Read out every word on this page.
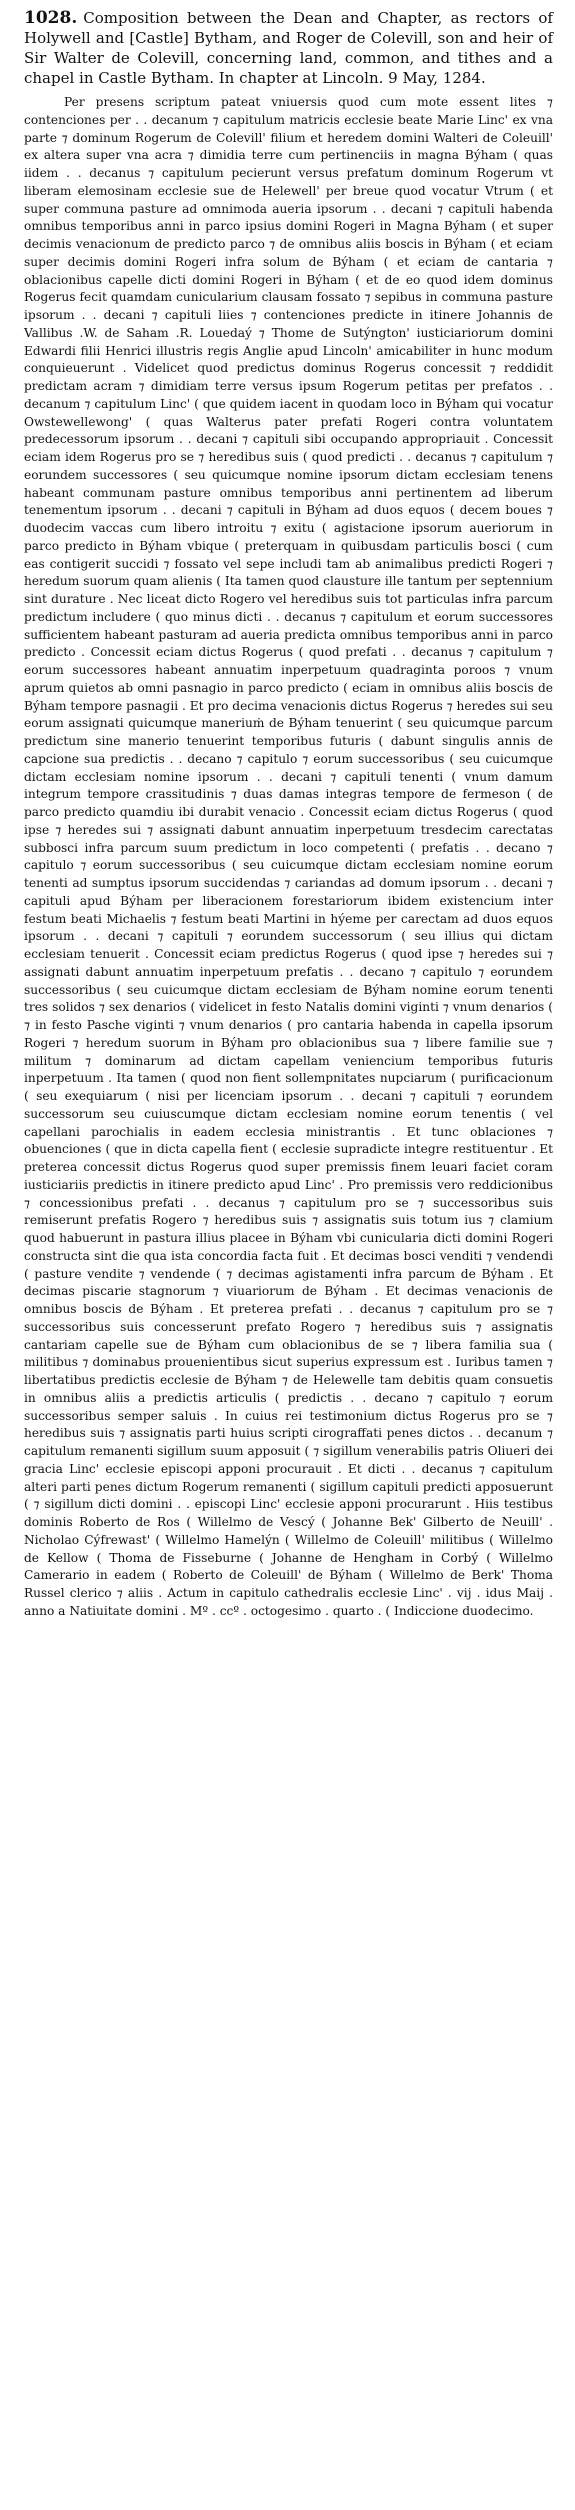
1028. Composition between the Dean and Chapter, as rectors of Holywell and [Castle] Bytham, and Roger de Colevill, son and heir of Sir Walter de Colevill, concerning land, common, and tithes and a chapel in Castle Bytham. In chapter at Lincoln. 9 May, 1284.

Per presens scriptum pateat vniuersis quod cum mote essent lites ⁊ contenciones per . . decanum ⁊ capitulum matricis ecclesie beate Marie Linc' ex vna parte ⁊ dominum Rogerum de Colevill' filium et heredem domini Walteri de Coleuill' ex altera super vna acra ⁊ dimidia terre cum pertinenciis in magna Býham ( quas iidem . . decanus ⁊ capitulum pecierunt versus prefatum dominum Rogerum vt liberam elemosinam ecclesie sue de Helewell' per breue quod vocatur Vtrum ( et super communa pasture ad omnimoda aueria ipsorum . . decani ⁊ capituli habenda omnibus temporibus anni in parco ipsius domini Rogeri in Magna Býham ( et super decimis venacionum de predicto parco ⁊ de omnibus aliis boscis in Býham ( et eciam super decimis domini Rogeri infra solum de Býham ( et eciam de cantaria ⁊ oblacionibus capelle dicti domini Rogeri in Býham ( et de eo quod idem dominus Rogerus fecit quamdam cunicularium clausam fossato ⁊ sepibus in communa pasture ipsorum . . decani ⁊ capituli liies ⁊ contenciones predicte in itinere Johannis de Vallibus .W. de Saham .R. Louedaý ⁊ Thome de Sutýngton' iusticiariorum domini Edwardi filii Henrici illustris regis Anglie apud Lincoln' amicabiliter in hunc modum conquieuerunt . Videlicet quod predictus dominus Rogerus concessit ⁊ reddidit predictam acram ⁊ dimidiam terre versus ipsum Rogerum petitas per prefatos . . decanum ⁊ capitulum Linc' ( que quidem iacent in quodam loco in Býham qui vocatur Owstewellewong' ( quas Walterus pater prefati Rogeri contra voluntatem predecessorum ipsorum . . decani ⁊ capituli sibi occupando appropriauit . Concessit eciam idem Rogerus pro se ⁊ heredibus suis ( quod predicti . . decanus ⁊ capitulum ⁊ eorundem successores ( seu quicumque nomine ipsorum dictam ecclesiam tenens habeant communam pasture omnibus temporibus anni pertinentem ad liberum tenementum ipsorum . . decani ⁊ capituli in Býham ad duos equos ( decem boues ⁊ duodecim vaccas cum libero introitu ⁊ exitu ( agistacione ipsorum aueriorum in parco predicto in Býham vbique ( preterquam in quibusdam particulis bosci ( cum eas contigerit succidi ⁊ fossato vel sepe includi tam ab animalibus predicti Rogeri ⁊ heredum suorum quam alienis ( Ita tamen quod clausture ille tantum per septennium sint durature . Nec liceat dicto Rogero vel heredibus suis tot particulas infra parcum predictum includere ( quo minus dicti . . decanus ⁊ capitulum et eorum successores sufficientem habeant pasturam ad aueria predicta omnibus temporibus anni in parco predicto . Concessit eciam dictus Rogerus ( quod prefati . . decanus ⁊ capitulum ⁊ eorum successores habeant annuatim inperpetuum quadraginta poroos ⁊ vnum aprum quietos ab omni pasnagio in parco predicto ( eciam in omnibus aliis boscis de Býham tempore pasnagii . Et pro decima venacionis dictus Rogerus ⁊ heredes sui seu eorum assignati quicumque maneriuṁ de Býham tenuerint ( seu quicumque parcum predictum sine manerio tenuerint temporibus futuris ( dabunt singulis annis de capcione sua predictis . . decano ⁊ capitulo ⁊ eorum successoribus ( seu cuicumque dictam ecclesiam nomine ipsorum . . decani ⁊ capituli tenenti ( vnum damum integrum tempore crassitudinis ⁊ duas damas integras tempore de fermeson ( de parco predicto quamdiu ibi durabit venacio . Concessit eciam dictus Rogerus ( quod ipse ⁊ heredes sui ⁊ assignati dabunt annuatim inperpetuum tresdecim carectatas subbosci infra parcum suum predictum in loco competenti ( prefatis . . decano ⁊ capitulo ⁊ eorum successoribus ( seu cuicumque dictam ecclesiam nomine eorum tenenti ad sumptus ipsorum succidendas ⁊ cariandas ad domum ipsorum . . decani ⁊ capituli apud Býham per liberacionem forestariorum ibidem existencium inter festum beati Michaelis ⁊ festum beati Martini in hýeme per carectam ad duos equos ipsorum . . decani ⁊ capituli ⁊ eorundem successorum ( seu illius qui dictam ecclesiam tenuerit . Concessit eciam predictus Rogerus ( quod ipse ⁊ heredes sui ⁊ assignati dabunt annuatim inperpetuum prefatis . . decano ⁊ capitulo ⁊ eorundem successoribus ( seu cuicumque dictam ecclesiam de Býham nomine eorum tenenti tres solidos ⁊ sex denarios ( videlicet in festo Natalis domini viginti ⁊ vnum denarios ( ⁊ in festo Pasche viginti ⁊ vnum denarios ( pro cantaria habenda in capella ipsorum Rogeri ⁊ heredum suorum in Býham pro oblacionibus sua ⁊ libere familie sue ⁊ militum ⁊ dominarum ad dictam capellam veniencium temporibus futuris inperpetuum . Ita tamen ( quod non fient sollempnitates nupciarum ( purificacionum ( seu exequiarum ( nisi per licenciam ipsorum . . decani ⁊ capituli ⁊ eorundem successorum seu cuiuscumque dictam ecclesiam nomine eorum tenentis ( vel capellani parochialis in eadem ecclesia ministrantis . Et tunc oblaciones ⁊ obuenciones ( que in dicta capella fient ( ecclesie supradicte integre restituentur . Et preterea concessit dictus Rogerus quod super premissis finem leuari faciet coram iusticiariis predictis in itinere predicto apud Linc' . Pro premissis vero reddicionibus ⁊ concessionibus prefati . . decanus ⁊ capitulum pro se ⁊ successoribus suis remiserunt prefatis Rogero ⁊ heredibus suis ⁊ assignatis suis totum ius ⁊ clamium quod habuerunt in pastura illius placee in Býham vbi cunicularia dicti domini Rogeri constructa sint die qua ista concordia facta fuit . Et decimas bosci venditi ⁊ vendendi ( pasture vendite ⁊ vendende ( ⁊ decimas agistamenti infra parcum de Býham . Et decimas piscarie stagnorum ⁊ viuariorum de Býham . Et decimas venacionis de omnibus boscis de Býham . Et preterea prefati . . decanus ⁊ capitulum pro se ⁊ successoribus suis concesserunt prefato Rogero ⁊ heredibus suis ⁊ assignatis cantariam capelle sue de Býham cum oblacionibus de se ⁊ libera familia sua ( militibus ⁊ dominabus prouenientibus sicut superius expressum est . Iuribus tamen ⁊ libertatibus predictis ecclesie de Býham ⁊ de Helewelle tam debitis quam consuetis in omnibus aliis a predictis articulis ( predictis . . decano ⁊ capitulo ⁊ eorum successoribus semper saluis . In cuius rei testimonium dictus Rogerus pro se ⁊ heredibus suis ⁊ assignatis parti huius scripti cirograffati penes dictos . . decanum ⁊ capitulum remanenti sigillum suum apposuit ( ⁊ sigillum venerabilis patris Oliueri dei gracia Linc' ecclesie episcopi apponi procurauit . Et dicti . . decanus ⁊ capitulum alteri parti penes dictum Rogerum remanenti ( sigillum capituli predicti apposuerunt ( ⁊ sigillum dicti domini . . episcopi Linc' ecclesie apponi procurarunt . Hiis testibus dominis Roberto de Ros ( Willelmo de Vescý ( Johanne Bek' Gilberto de Neuill' . Nicholao Cýfrewast' ( Willelmo Hamelýn ( Willelmo de Coleuill' militibus ( Willelmo de Kellow ( Thoma de Fisseburne ( Johanne de Hengham in Corbý ( Willelmo Camerario in eadem ( Roberto de Coleuill' de Býham ( Willelmo de Berk' Thoma Russel clerico ⁊ aliis . Actum in capitulo cathedralis ecclesie Linc' . vij . idus Maij . anno a Natiuitate domini . Mº . ccº . octogesimo . quarto . ( Indiccione duodecimo.
